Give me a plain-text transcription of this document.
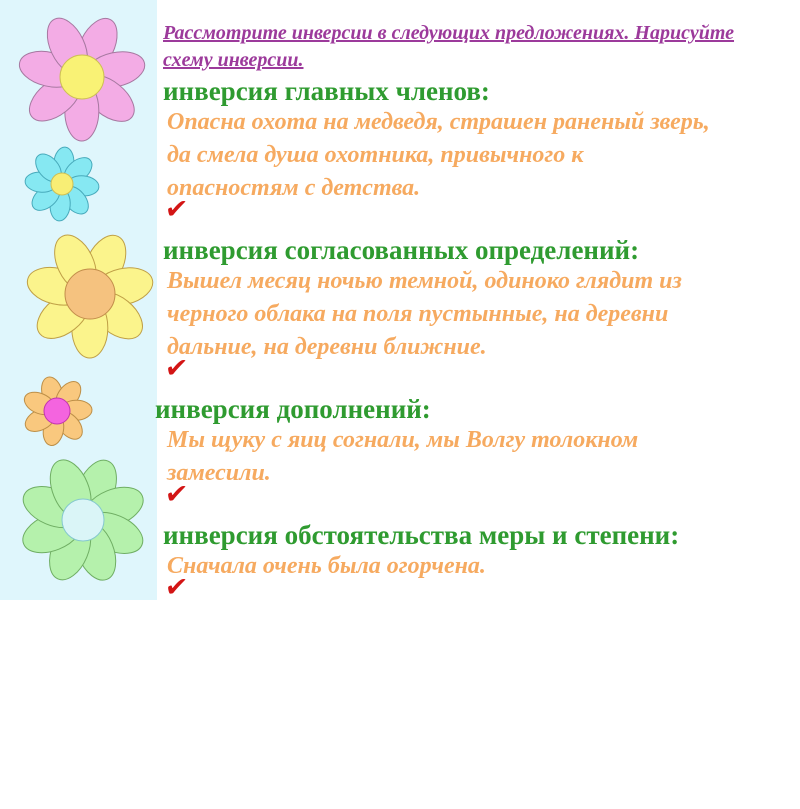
Рассмотрите инверсии в следующих предложениях. Нарисуйте
схему инверсии.
инверсия главных членов:
Опасна охота на медведя, страшен раненый зверь,
да смела душа охотника, привычного к
опасностям с детства.
✔
инверсия согласованных определений:
Вышел месяц ночью темной, одиноко глядит из
черного облака на поля пустынные, на деревни
дальние, на деревни ближние.
✔
инверсия дополнений:
Мы щуку с яиц согнали, мы Волгу толокном
замесили.
✔
инверсия обстоятельства меры и степени:
Сначала очень была огорчена.
✔
